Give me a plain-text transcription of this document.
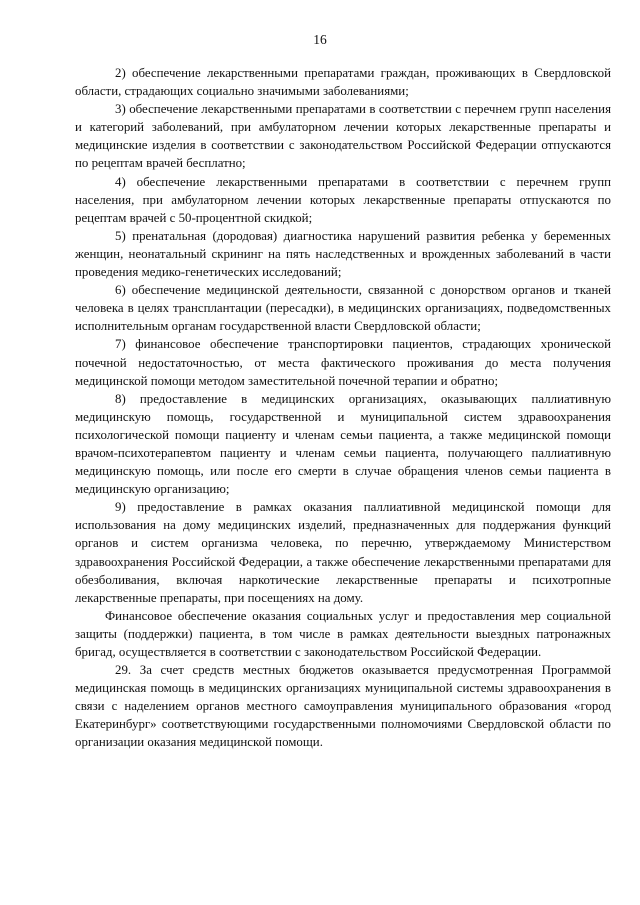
16

2) обеспечение лекарственными препаратами граждан, проживающих в Свердловской области, страдающих социально значимыми заболеваниями;

3) обеспечение лекарственными препаратами в соответствии с перечнем групп населения и категорий заболеваний, при амбулаторном лечении которых лекарственные препараты и медицинские изделия в соответствии с законодательством Российской Федерации отпускаются по рецептам врачей бесплатно;

4) обеспечение лекарственными препаратами в соответствии с перечнем групп населения, при амбулаторном лечении которых лекарственные препараты отпускаются по рецептам врачей с 50-процентной скидкой;

5) пренатальная (дородовая) диагностика нарушений развития ребенка у беременных женщин, неонатальный скрининг на пять наследственных и врожденных заболеваний в части проведения медико-генетических исследований;

6) обеспечение медицинской деятельности, связанной с донорством органов и тканей человека в целях трансплантации (пересадки), в медицинских организациях, подведомственных исполнительным органам государственной власти Свердловской области;

7) финансовое обеспечение транспортировки пациентов, страдающих хронической почечной недостаточностью, от места фактического проживания до места получения медицинской помощи методом заместительной почечной терапии и обратно;

8) предоставление в медицинских организациях, оказывающих паллиативную медицинскую помощь, государственной и муниципальной систем здравоохранения психологической помощи пациенту и членам семьи пациента, а также медицинской помощи врачом-психотерапевтом пациенту и членам семьи пациента, получающего паллиативную медицинскую помощь, или после его смерти в случае обращения членов семьи пациента в медицинскую организацию;

9) предоставление в рамках оказания паллиативной медицинской помощи для использования на дому медицинских изделий, предназначенных для поддержания функций органов и систем организма человека, по перечню, утверждаемому Министерством здравоохранения Российской Федерации, а также обеспечение лекарственными препаратами для обезболивания, включая наркотические лекарственные препараты и психотропные лекарственные препараты, при посещениях на дому.

Финансовое обеспечение оказания социальных услуг и предоставления мер социальной защиты (поддержки) пациента, в том числе в рамках деятельности выездных патронажных бригад, осуществляется в соответствии с законодательством Российской Федерации.

29. За счет средств местных бюджетов оказывается предусмотренная Программой медицинская помощь в медицинских организациях муниципальной системы здравоохранения в связи с наделением органов местного самоуправления муниципального образования «город Екатеринбург» соответствующими государственными полномочиями Свердловской области по организации оказания медицинской помощи.
